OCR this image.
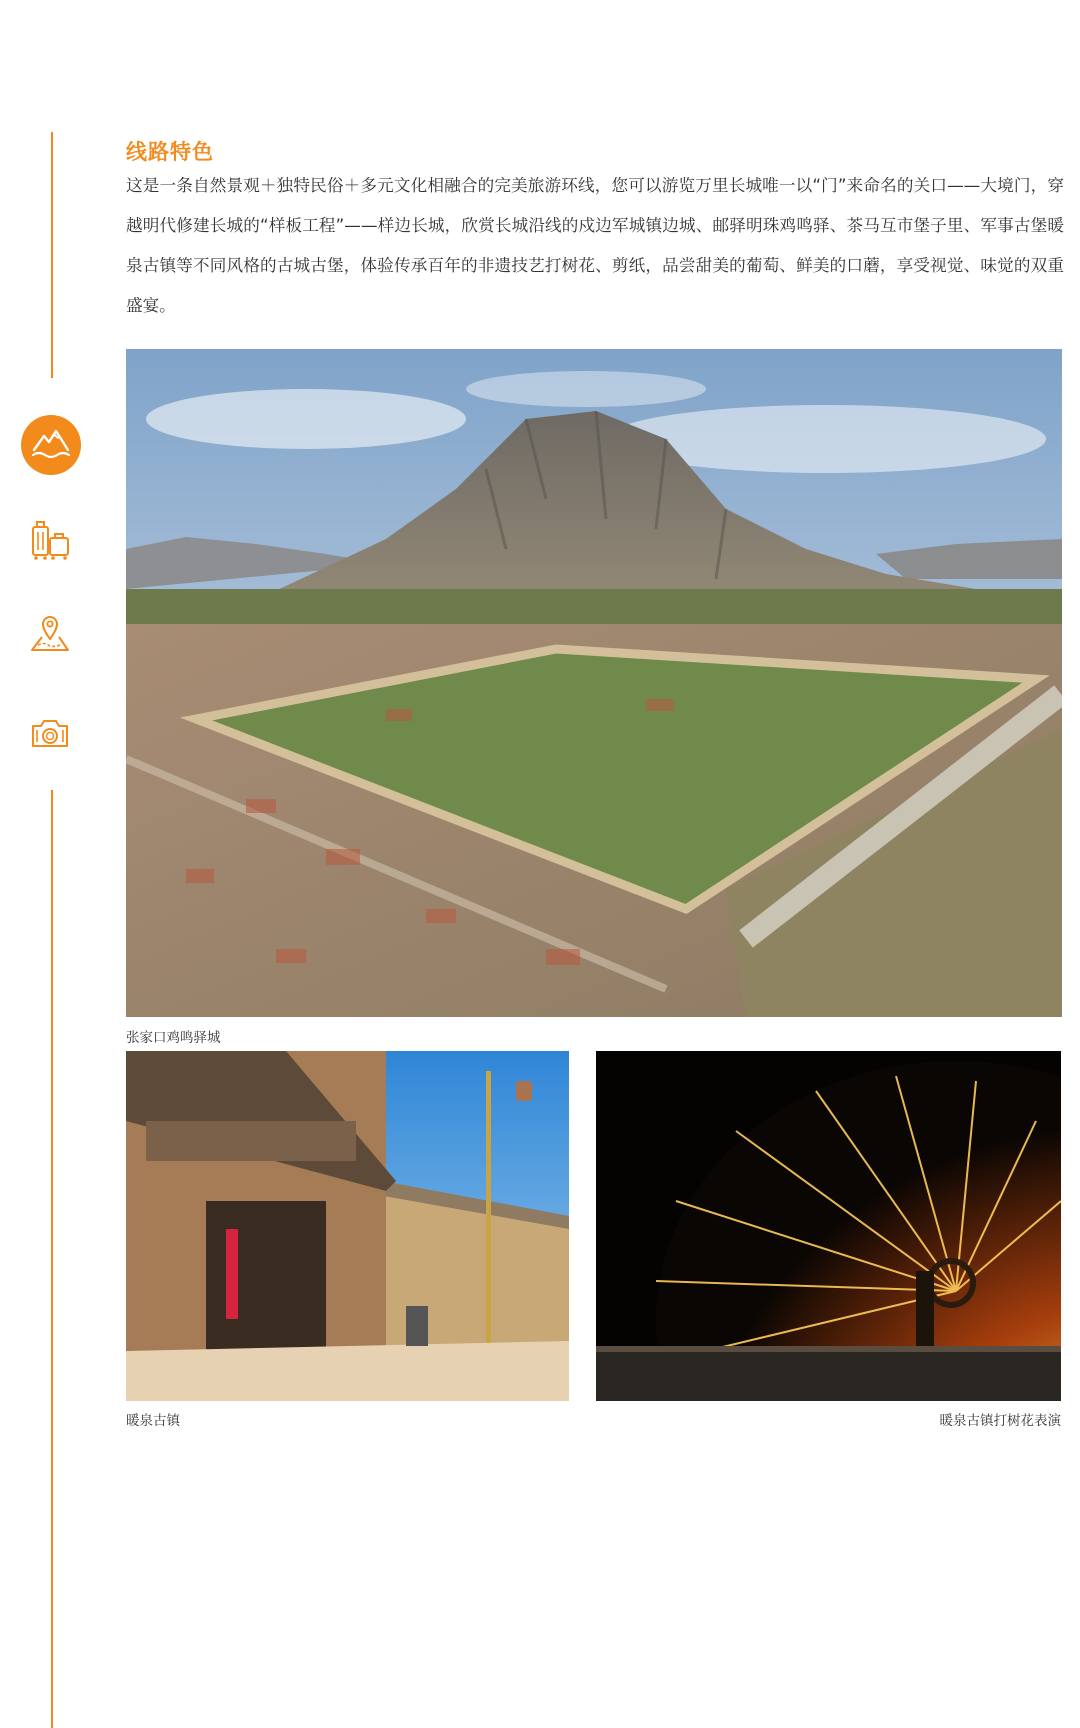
线路特色

这是一条自然景观＋独特民俗＋多元文化相融合的完美旅游环线，您可以游览万里长城唯一以“门”来命名的关口——大境门，穿越明代修建长城的“样板工程”——样边长城，欣赏长城沿线的戍边军城镇边城、邮驿明珠鸡鸣驿、茶马互市堡子里、军事古堡暖泉古镇等不同风格的古城古堡，体验传承百年的非遗技艺打树花、剪纸，品尝甜美的葡萄、鲜美的口蘑，享受视觉、味觉的双重盛宴。

张家口鸡鸣驿城

暖泉古镇	暖泉古镇打树花表演
